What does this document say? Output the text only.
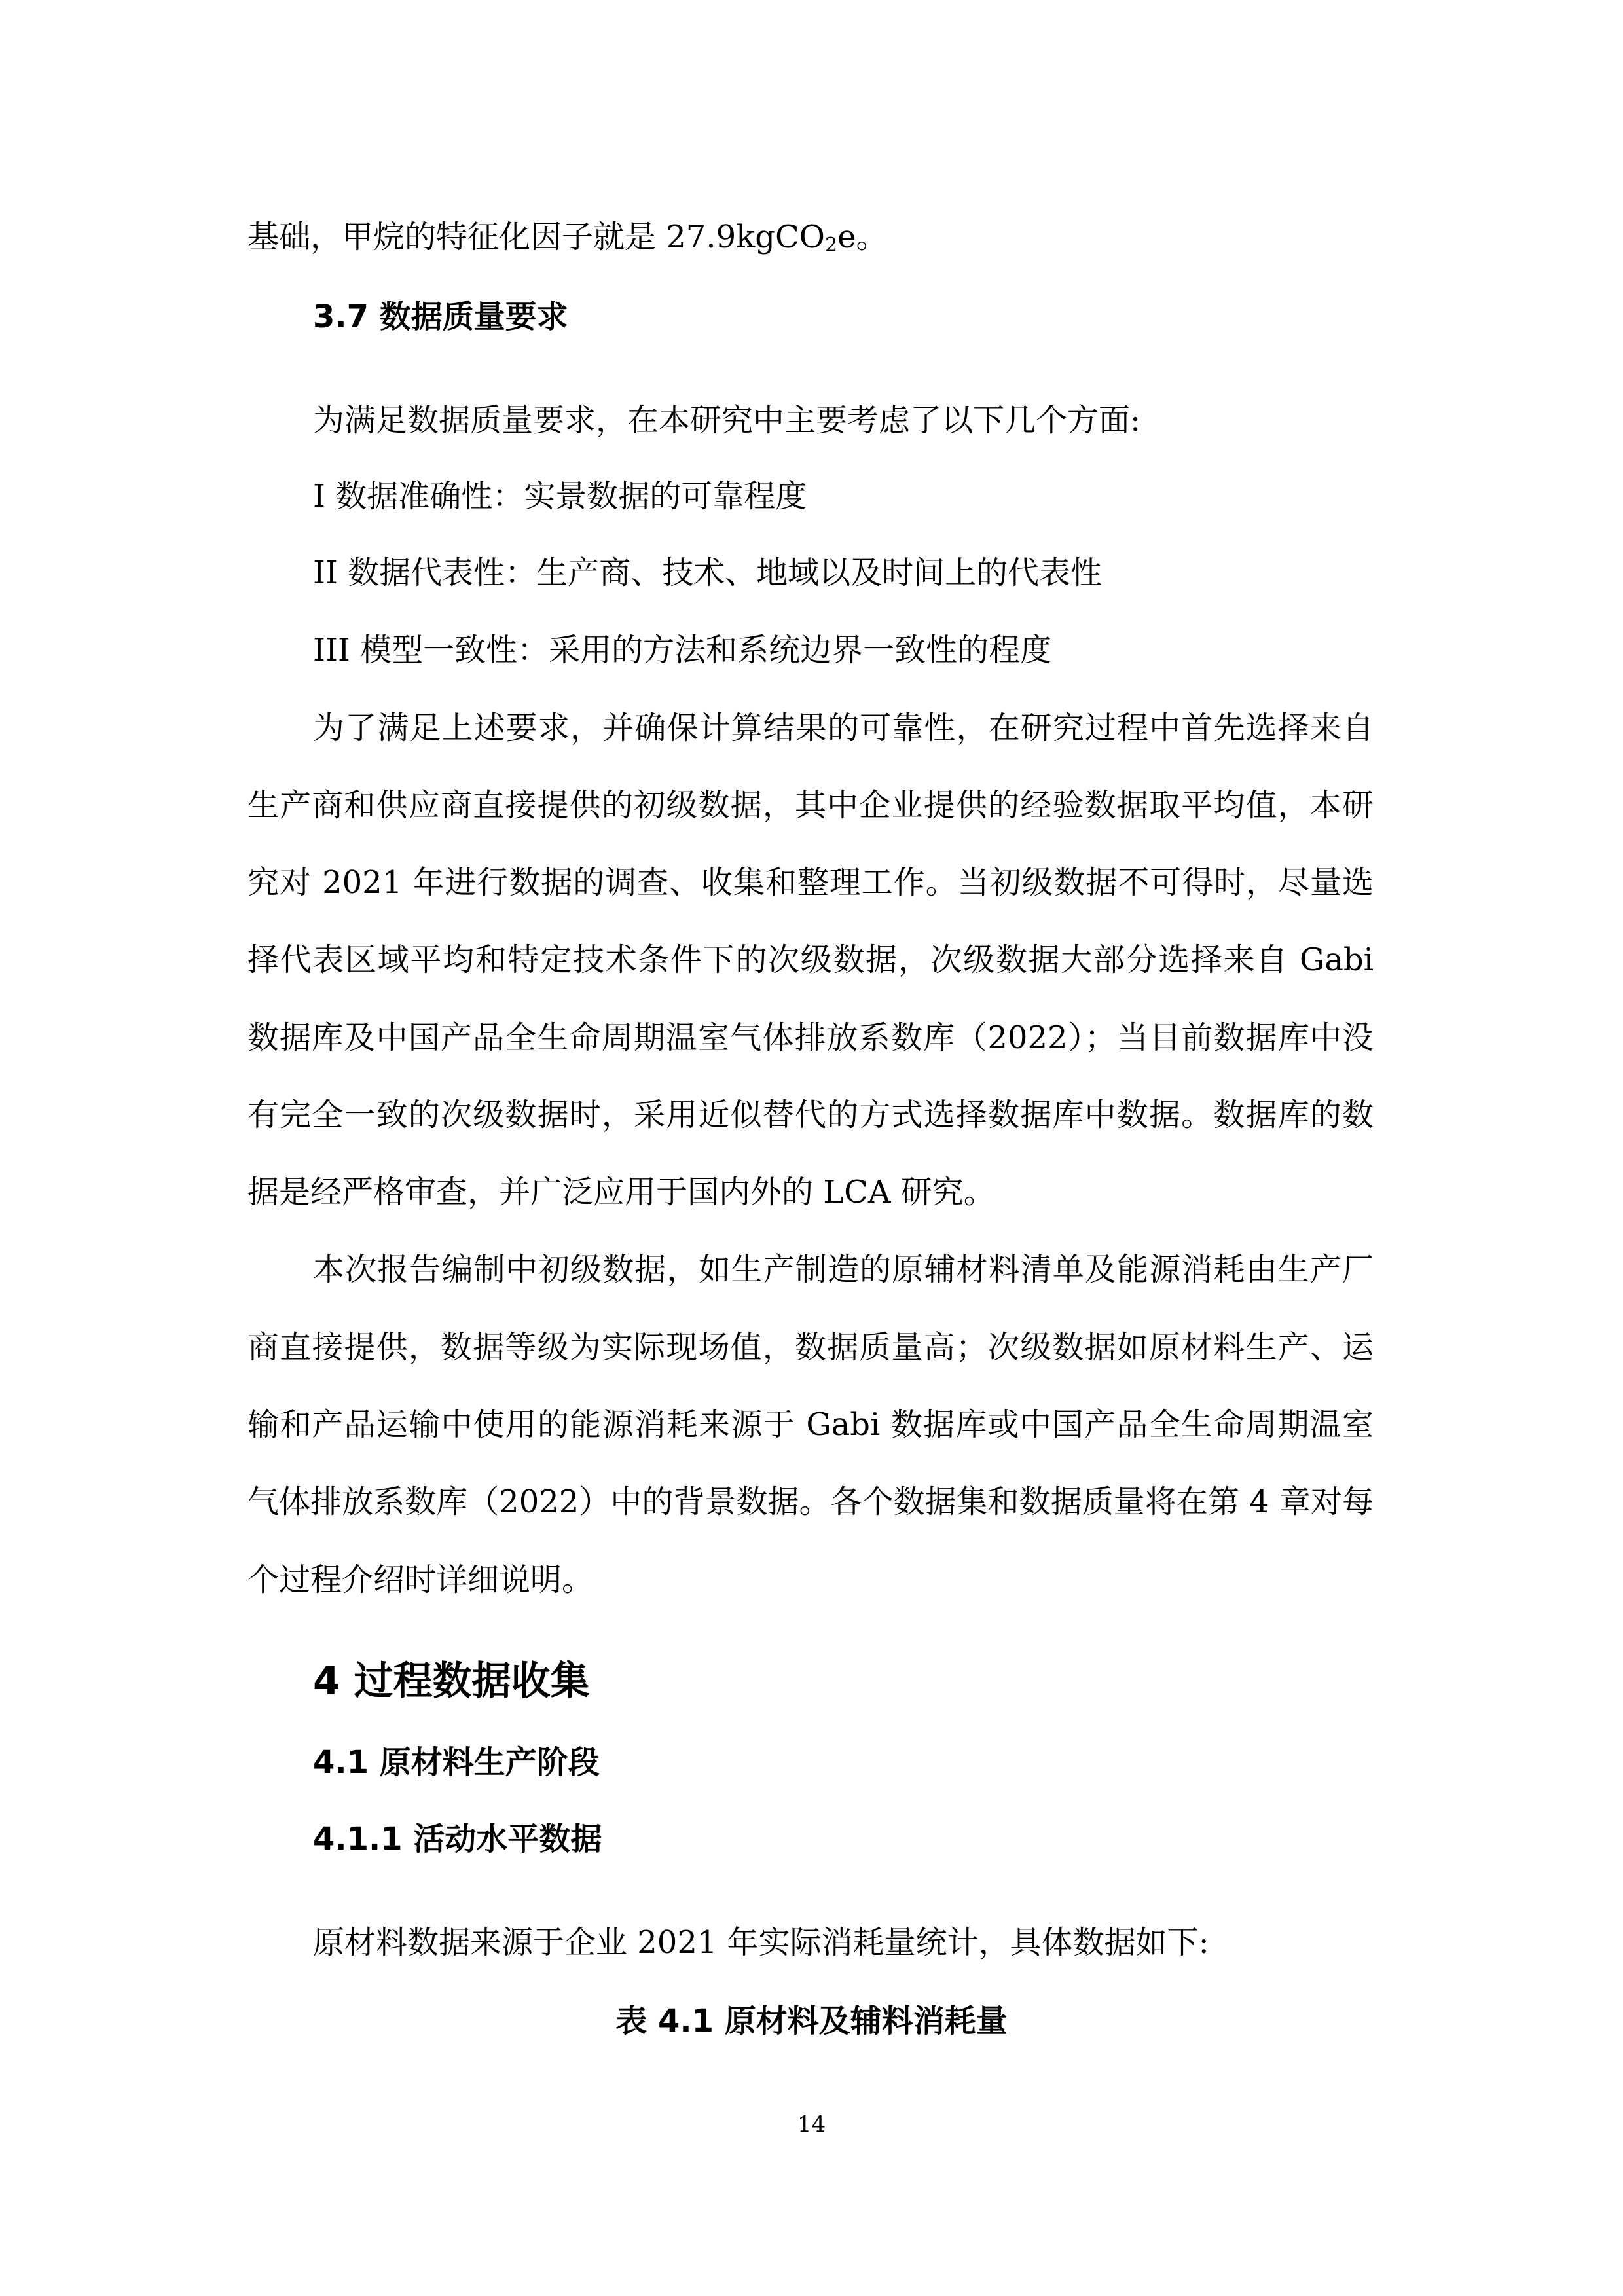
基础，甲烷的特征化因子就是 27.9kgCO$_2$e。
3.7 数据质量要求
为满足数据质量要求，在本研究中主要考虑了以下几个方面:
I 数据准确性：实景数据的可靠程度
II 数据代表性：生产商、技术、地域以及时间上的代表性
III 模型一致性：采用的方法和系统边界一致性的程度
为了满足上述要求，并确保计算结果的可靠性，在研究过程中首先选择来自
生产商和供应商直接提供的初级数据，其中企业提供的经验数据取平均值，本研
究对 2021 年进行数据的调查、收集和整理工作。当初级数据不可得时，尽量选
择代表区域平均和特定技术条件下的次级数据，次级数据大部分选择来自 Gabi
数据库及中国产品全生命周期温室气体排放系数库（2022）；当目前数据库中没
有完全一致的次级数据时，采用近似替代的方式选择数据库中数据。数据库的数
据是经严格审查，并广泛应用于国内外的 LCA 研究。
本次报告编制中初级数据，如生产制造的原辅材料清单及能源消耗由生产厂
商直接提供，数据等级为实际现场值，数据质量高；次级数据如原材料生产、运
输和产品运输中使用的能源消耗来源于 Gabi 数据库或中国产品全生命周期温室
气体排放系数库（2022）中的背景数据。各个数据集和数据质量将在第 4 章对每
个过程介绍时详细说明。
4 过程数据收集
4.1 原材料生产阶段
4.1.1 活动水平数据
原材料数据来源于企业 2021 年实际消耗量统计，具体数据如下:
表 4.1 原材料及辅料消耗量
14
